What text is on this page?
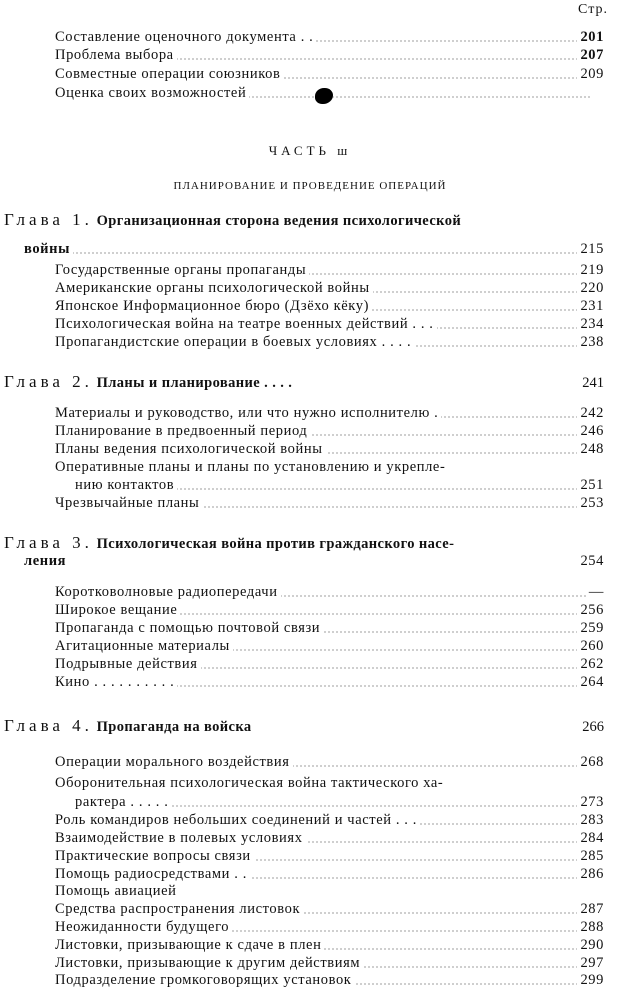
Стр.
Составление оценочного документа . .	201
Проблема выбора	207
Совместные операции союзников	209
Оценка своих возможностей
ЧАСТЬ ш
ПЛАНИРОВАНИЕ И ПРОВЕДЕНИЕ ОПЕРАЦИЙ
Глава 1. Организационная сторона ведения психологической
войны	215
Государственные органы пропаганды	219
Американские органы психологической войны	220
Японское Информационное бюро (Дзёхо кёку)	231
Психологическая война на театре военных действий . . .	234
Пропагандистские операции в боевых условиях . . . .	238
Глава 2. Планы и планирование . . . .	241
Материалы и руководство, или что нужно исполнителю .	242
Планирование в предвоенный период	246
Планы ведения психологической войны	248
Оперативные планы и планы по установлению и укрепле-
нию контактов	251
Чрезвычайные планы	253
Глава 3. Психологическая война против гражданского насе-
ления	254
Коротковолновые радиопередачи	—
Широкое вещание	256
Пропаганда с помощью почтовой связи	259
Агитационные материалы	260
Подрывные действия	262
Кино . . . . . . . . . .	264
Глава 4. Пропаганда на войска	266
Операции морального воздействия	268
Оборонительная психологическая война тактического ха-
рактера . . . . .	273
Роль командиров небольших соединений и частей . . .	283
Взаимодействие в полевых условиях	284
Практические вопросы связи	285
Помощь радиосредствами . .	286
Помощь авиацией
Средства распространения листовок	287
Неожиданности будущего	288
Листовки, призывающие к сдаче в плен	290
Листовки, призывающие к другим действиям	297
Подразделение громкоговорящих установок	299
